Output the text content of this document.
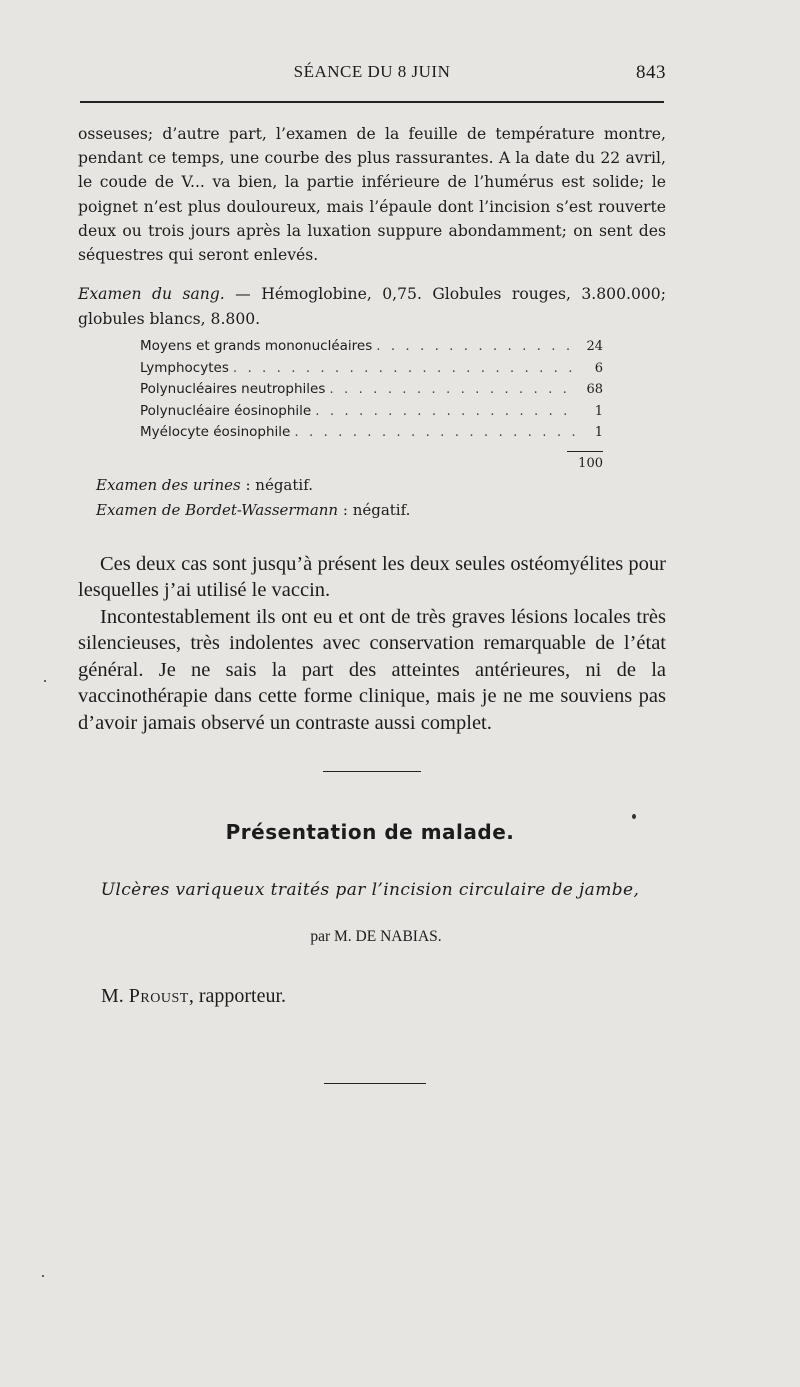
SÉANCE DU 8 JUIN	843
osseuses; d’autre part, l’examen de la feuille de température montre, pendant ce temps, une courbe des plus rassurantes. A la date du 22 avril, le coude de V... va bien, la partie inférieure de l’humérus est solide; le poignet n’est plus douloureux, mais l’épaule dont l’incision s’est rouverte deux ou trois jours après la luxation suppure abondamment; on sent des séquestres qui seront enlevés.
Examen du sang. — Hémoglobine, 0,75. Globules rouges, 3.800.000; globules blancs, 8.800.
Moyens et grands mononucléaires . . .	24
Lymphocytes . . .	6
Polynucléaires neutrophiles . . .	68
Polynucléaire éosinophile . . .	1
Myélocyte éosinophile . . .	1
100
Examen des urines : négatif.
Examen de Bordet-Wassermann : négatif.
Ces deux cas sont jusqu’à présent les deux seules ostéomyélites pour lesquelles j’ai utilisé le vaccin.
Incontestablement ils ont eu et ont de très graves lésions locales très silencieuses, très indolentes avec conservation remarquable de l’état général. Je ne sais la part des atteintes antérieures, ni de la vaccinothérapie dans cette forme clinique, mais je ne me souviens pas d’avoir jamais observé un contraste aussi complet.
Présentation de malade.
Ulcères variqueux traités par l’incision circulaire de jambe,
par M. DE NABIAS.
M. Proust, rapporteur.
